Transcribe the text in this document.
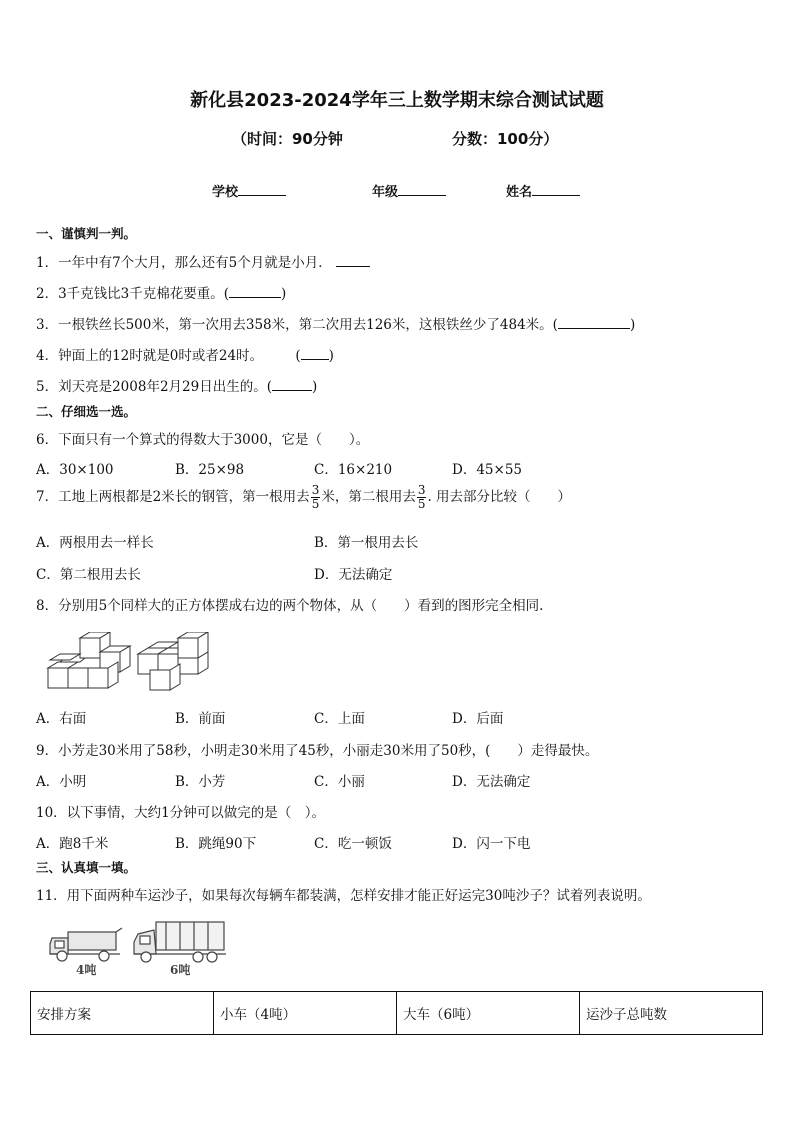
新化县2023-2024学年三上数学期末综合测试试题
（时间：90分钟	分数：100分）
学校	年级	姓名
一、谨慎判一判。
1．一年中有7个大月，那么还有5个月就是小月．
2．3千克钱比3千克棉花要重。(	)
3．一根铁丝长500米，第一次用去358米，第二次用去126米，这根铁丝少了484米。(	)
4．钟面上的12时就是0时或者24时。 ( )
5．刘天亮是2008年2月29日出生的。(	)
二、仔细选一选。
6．下面只有一个算式的得数大于3000，它是（　　）。
A．30×100	B．25×98	C．16×210	D．45×55
7．工地上两根都是2米长的钢管，第一根用去 $\frac{3}{5}$ 米，第二根用去 $\frac{3}{5}$ . 用去部分比较（　　）
A．两根用去一样长	B．第一根用去长
C．第二根用去长	D．无法确定
8．分别用5个同样大的正方体摆成右边的两个物体，从（　　）看到的图形完全相同.
A．右面	B．前面	C．上面	D．后面
9．小芳走30米用了58秒，小明走30米用了45秒，小丽走30米用了50秒，(　　）走得最快。
A．小明	B．小芳	C．小丽	D．无法确定
10．以下事情，大约1分钟可以做完的是（　）。
A．跑8千米	B．跳绳90下	C．吃一顿饭	D．闪一下电
三、认真填一填。
11．用下面两种车运沙子，如果每次每辆车都装满，怎样安排才能正好运完30吨沙子？试着列表说明。
4吨	6吨
安排方案	小车（4吨）	大车（6吨）	运沙子总吨数
